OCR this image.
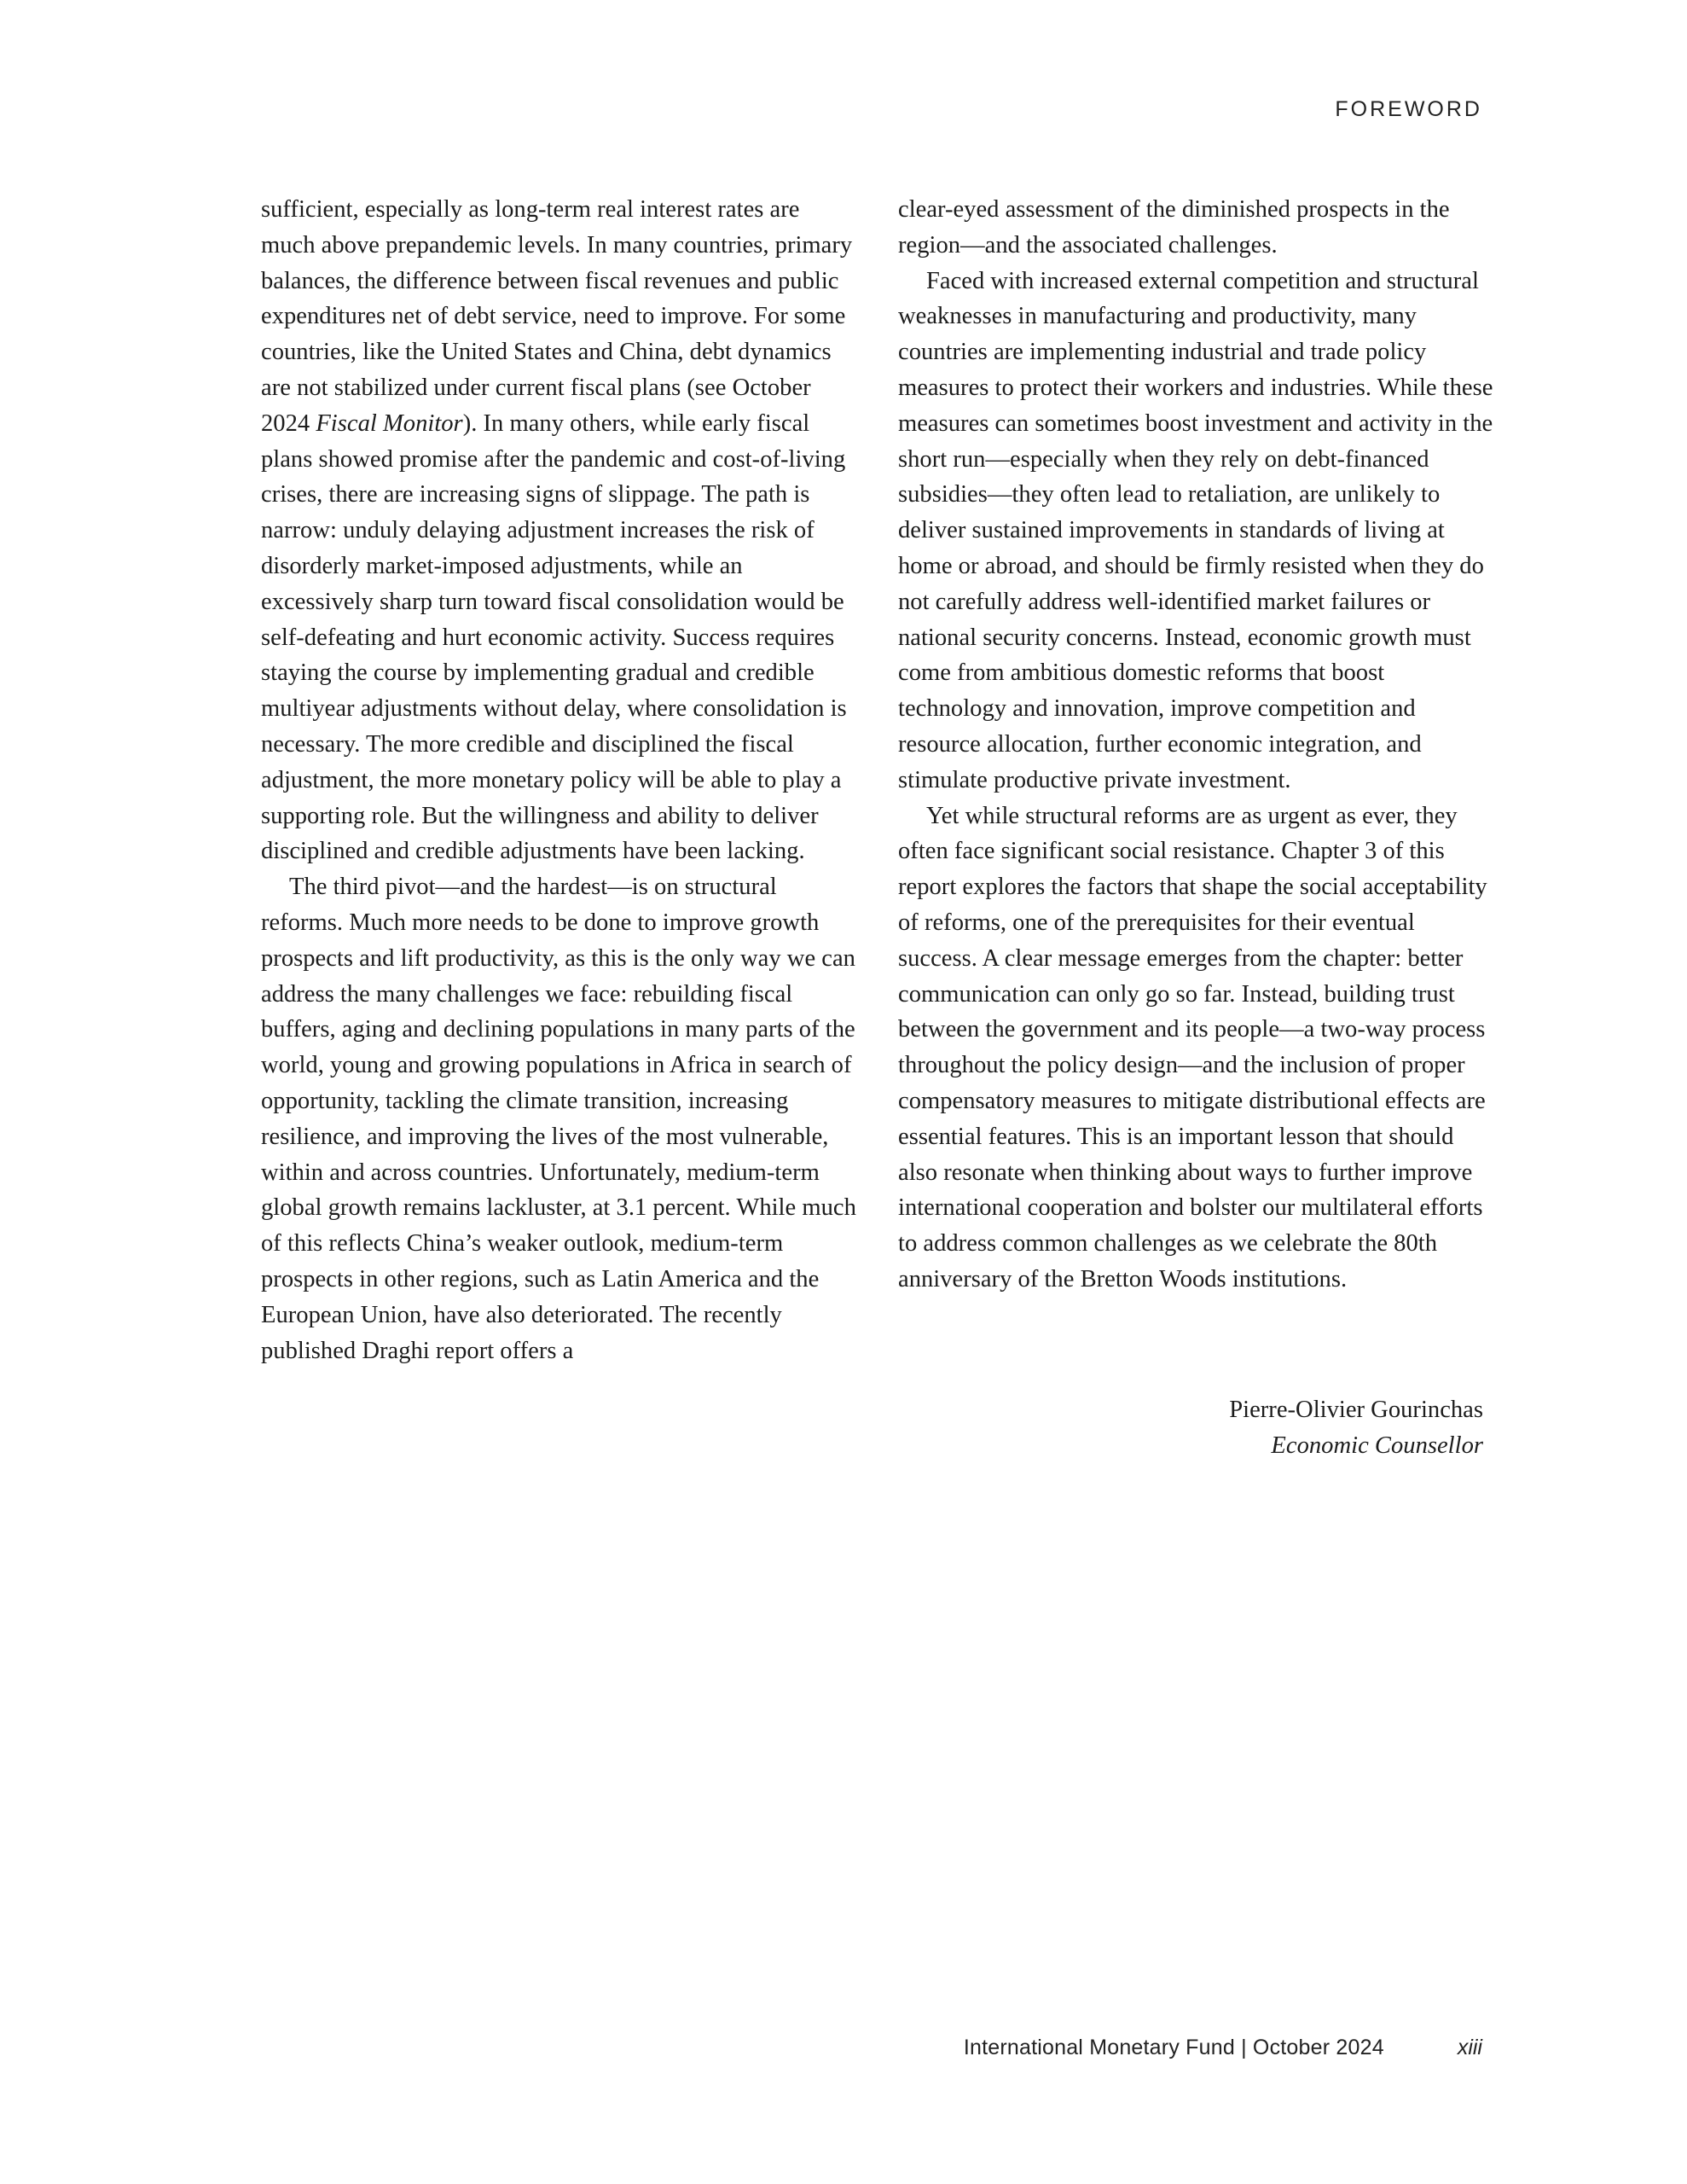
FOREWORD

sufficient, especially as long-term real interest rates are much above prepandemic levels. In many countries, primary balances, the difference between fiscal revenues and public expenditures net of debt service, need to improve. For some countries, like the United States and China, debt dynamics are not stabilized under current fiscal plans (see October 2024 Fiscal Monitor). In many others, while early fiscal plans showed promise after the pandemic and cost-of-living crises, there are increasing signs of slippage. The path is narrow: unduly delaying adjustment increases the risk of disorderly market-imposed adjustments, while an excessively sharp turn toward fiscal consolidation would be self-defeating and hurt economic activity. Success requires staying the course by implementing gradual and credible multiyear adjustments without delay, where consolidation is necessary. The more credible and disciplined the fiscal adjustment, the more monetary policy will be able to play a supporting role. But the willingness and ability to deliver disciplined and credible adjustments have been lacking.

The third pivot—and the hardest—is on structural reforms. Much more needs to be done to improve growth prospects and lift productivity, as this is the only way we can address the many challenges we face: rebuilding fiscal buffers, aging and declining populations in many parts of the world, young and growing populations in Africa in search of opportunity, tackling the climate transition, increasing resilience, and improving the lives of the most vulnerable, within and across countries. Unfortunately, medium-term global growth remains lackluster, at 3.1 percent. While much of this reflects China’s weaker outlook, medium-term prospects in other regions, such as Latin America and the European Union, have also deteriorated. The recently published Draghi report offers a

clear-eyed assessment of the diminished prospects in the region—and the associated challenges.

Faced with increased external competition and structural weaknesses in manufacturing and productivity, many countries are implementing industrial and trade policy measures to protect their workers and industries. While these measures can sometimes boost investment and activity in the short run—especially when they rely on debt-financed subsidies—they often lead to retaliation, are unlikely to deliver sustained improvements in standards of living at home or abroad, and should be firmly resisted when they do not carefully address well-identified market failures or national security concerns. Instead, economic growth must come from ambitious domestic reforms that boost technology and innovation, improve competition and resource allocation, further economic integration, and stimulate productive private investment.

Yet while structural reforms are as urgent as ever, they often face significant social resistance. Chapter 3 of this report explores the factors that shape the social acceptability of reforms, one of the prerequisites for their eventual success. A clear message emerges from the chapter: better communication can only go so far. Instead, building trust between the government and its people—a two-way process throughout the policy design—and the inclusion of proper compensatory measures to mitigate distributional effects are essential features. This is an important lesson that should also resonate when thinking about ways to further improve international cooperation and bolster our multilateral efforts to address common challenges as we celebrate the 80th anniversary of the Bretton Woods institutions.

Pierre-Olivier Gourinchas
Economic Counsellor
International Monetary Fund | October 2024	xiii
